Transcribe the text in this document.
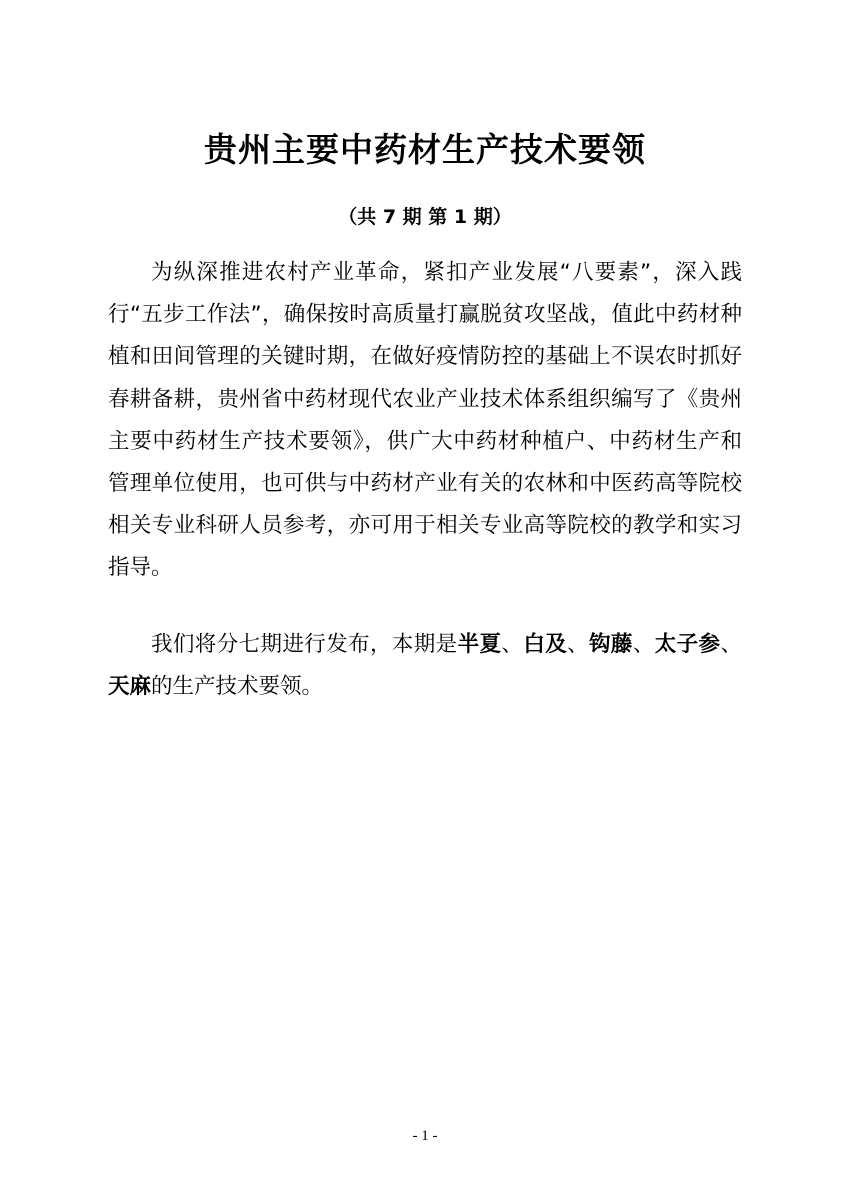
贵州主要中药材生产技术要领
（共 7 期 第 1 期）

为纵深推进农村产业革命，紧扣产业发展“八要素”，深入践行“五步工作法”，确保按时高质量打赢脱贫攻坚战，值此中药材种植和田间管理的关键时期，在做好疫情防控的基础上不误农时抓好春耕备耕，贵州省中药材现代农业产业技术体系组织编写了《贵州主要中药材生产技术要领》，供广大中药材种植户、中药材生产和管理单位使用，也可供与中药材产业有关的农林和中医药高等院校相关专业科研人员参考，亦可用于相关专业高等院校的教学和实习指导。

我们将分七期进行发布，本期是半夏、白及、钩藤、太子参、天麻的生产技术要领。

- 1 -
